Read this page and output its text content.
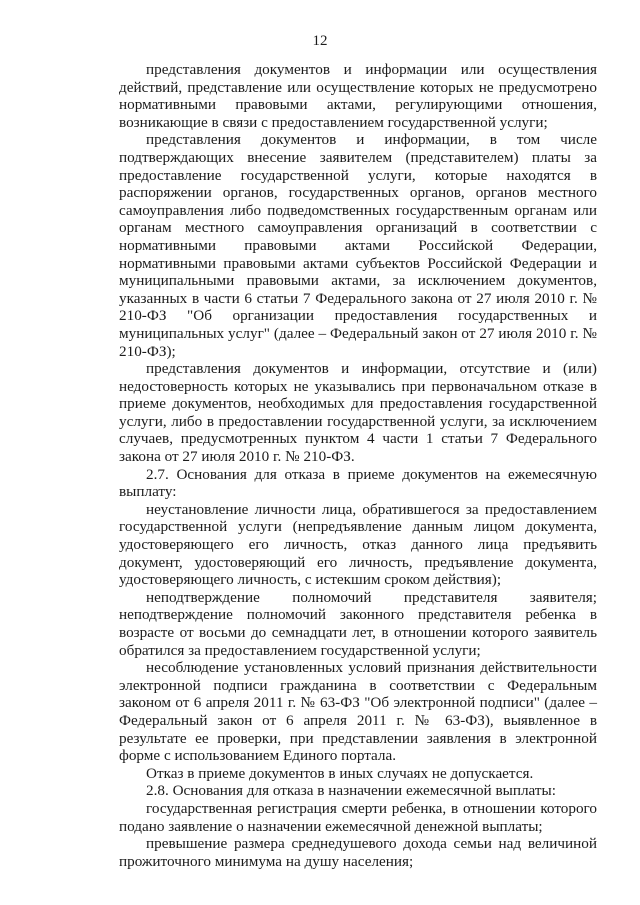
12

представления документов и информации или осуществления действий, представление или осуществление которых не предусмотрено нормативными правовыми актами, регулирующими отношения, возникающие в связи с предоставлением государственной услуги;

представления документов и информации, в том числе подтверждающих внесение заявителем (представителем) платы за предоставление государственной услуги, которые находятся в распоряжении органов, государственных органов, органов местного самоуправления либо подведомственных государственным органам или органам местного самоуправления организаций в соответствии с нормативными правовыми актами Российской Федерации, нормативными правовыми актами субъектов Российской Федерации и муниципальными правовыми актами, за исключением документов, указанных в части 6 статьи 7 Федерального закона от 27 июля 2010 г. № 210-ФЗ "Об организации предоставления государственных и муниципальных услуг" (далее – Федеральный закон от 27 июля 2010 г. № 210-ФЗ);

представления документов и информации, отсутствие и (или) недостоверность которых не указывались при первоначальном отказе в приеме документов, необходимых для предоставления государственной услуги, либо в предоставлении государственной услуги, за исключением случаев, предусмотренных пунктом 4 части 1 статьи 7 Федерального закона от 27 июля 2010 г. № 210-ФЗ.

2.7. Основания для отказа в приеме документов на ежемесячную выплату:

неустановление личности лица, обратившегося за предоставлением государственной услуги (непредъявление данным лицом документа, удостоверяющего его личность, отказ данного лица предъявить документ, удостоверяющий его личность, предъявление документа, удостоверяющего личность, с истекшим сроком действия);

неподтверждение полномочий представителя заявителя; неподтверждение полномочий законного представителя ребенка в возрасте от восьми до семнадцати лет, в отношении которого заявитель обратился за предоставлением государственной услуги;

несоблюдение установленных условий признания действительности электронной подписи гражданина в соответствии с Федеральным законом от 6 апреля 2011 г. № 63-ФЗ "Об электронной подписи" (далее – Федеральный закон от 6 апреля 2011 г. № 63-ФЗ), выявленное в результате ее проверки, при представлении заявления в электронной форме с использованием Единого портала.

Отказ в приеме документов в иных случаях не допускается.

2.8. Основания для отказа в назначении ежемесячной выплаты:

государственная регистрация смерти ребенка, в отношении которого подано заявление о назначении ежемесячной денежной выплаты;

превышение размера среднедушевого дохода семьи над величиной прожиточного минимума на душу населения;
